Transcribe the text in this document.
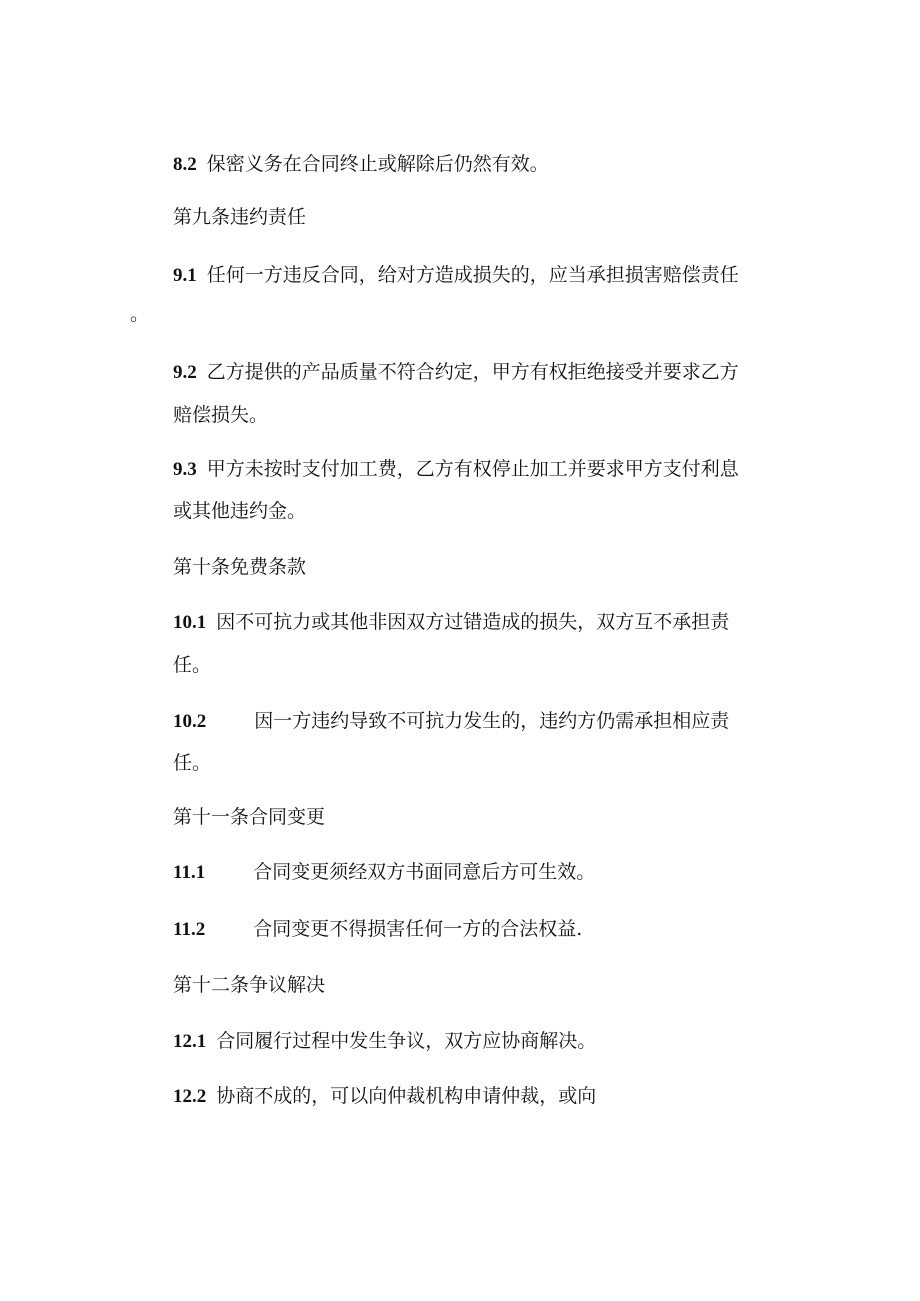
8.2 保密义务在合同终止或解除后仍然有效。
第九条违约责任
9.1 任何一方违反合同，给对方造成损失的，应当承担损害赔偿责任
。
9.2 乙方提供的产品质量不符合约定，甲方有权拒绝接受并要求乙方
赔偿损失。
9.3 甲方未按时支付加工费，乙方有权停止加工并要求甲方支付利息
或其他违约金。
第十条免费条款
10.1 因不可抗力或其他非因双方过错造成的损失，双方互不承担责
任。
10.2	因一方违约导致不可抗力发生的，违约方仍需承担相应责
任。
第十一条合同变更
11.1	合同变更须经双方书面同意后方可生效。
11.2	合同变更不得损害任何一方的合法权益.
第十二条争议解决
12.1 合同履行过程中发生争议，双方应协商解决。
12.2 协商不成的，可以向仲裁机构申请仲裁，或向
